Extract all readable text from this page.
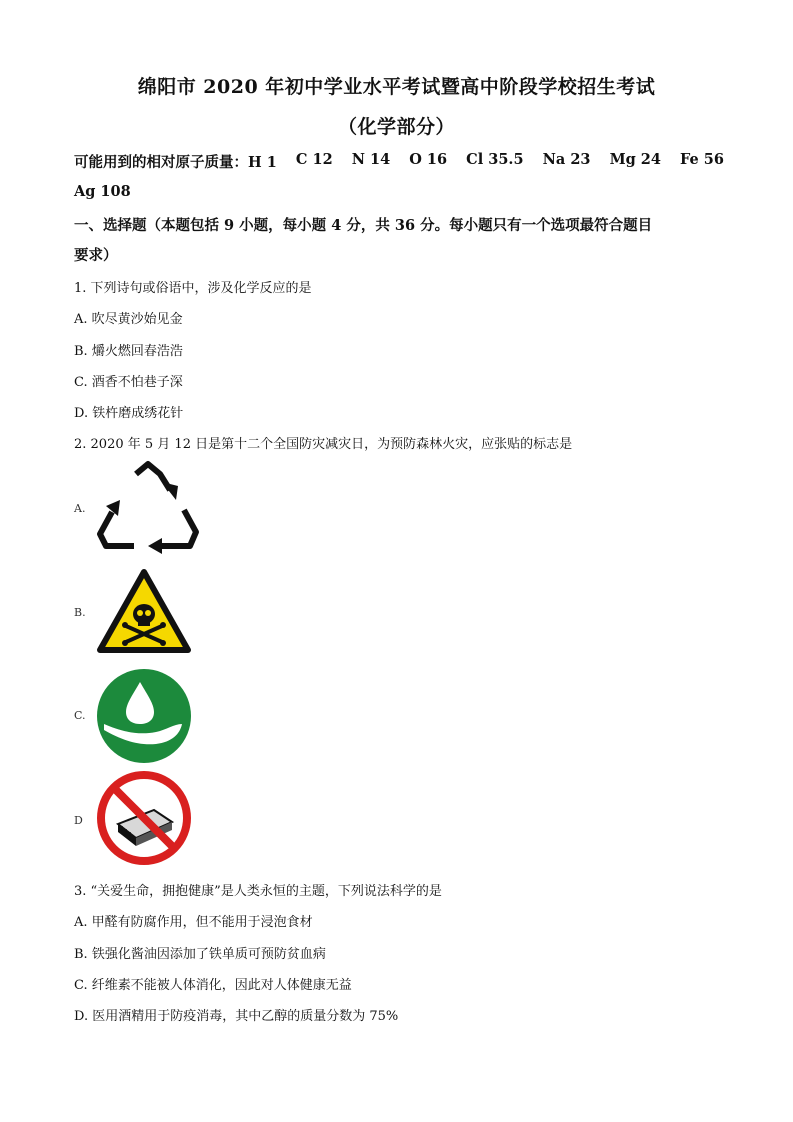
绵阳市 2020 年初中学业水平考试暨高中阶段学校招生考试
（化学部分）
可能用到的相对原子质量：H 1 C 12 N 14 O 16 Cl 35.5 Na 23 Mg 24 Fe 56
Ag 108
一、选择题（本题包括 9 小题，每小题 4 分，共 36 分。每小题只有一个选项最符合题目
要求）
1. 下列诗句或俗语中，涉及化学反应的是
A. 吹尽黄沙始见金
B. 爝火燃回春浩浩
C. 酒香不怕巷子深
D. 铁杵磨成绣花针
2. 2020 年 5 月 12 日是第十二个全国防灾减灾日，为预防森林火灾，应张贴的标志是
A.
B.
C.
D
3. “关爱生命，拥抱健康”是人类永恒的主题，下列说法科学的是
A. 甲醛有防腐作用，但不能用于浸泡食材
B. 铁强化酱油因添加了铁单质可预防贫血病
C. 纤维素不能被人体消化，因此对人体健康无益
D. 医用酒精用于防疫消毒，其中乙醇的质量分数为 75%
